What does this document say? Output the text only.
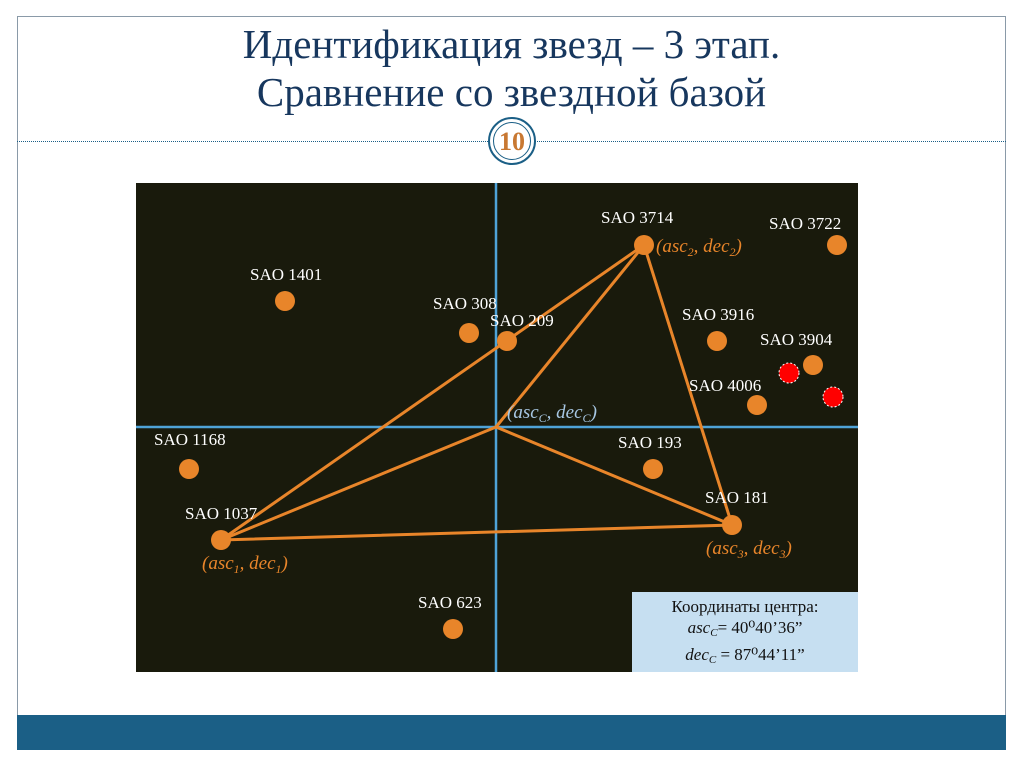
Идентификация звезд – 3 этап.
Сравнение со звездной базой
10
SAO 1401
SAO 308
SAO 209
SAO 3714	SAO 3722
SAO 3916
SAO 3904
SAO 4006
SAO 1168	SAO 193
SAO 181
SAO 1037
SAO 623
(asc$_2$, dec$_2$)
(asc$_1$, dec$_1$)
(asc$_3$, dec$_3$)
(asc$_C$, dec$_C$)
Координаты центра:
ascC= 40⁰40’36”
decC = 87⁰44’11”
